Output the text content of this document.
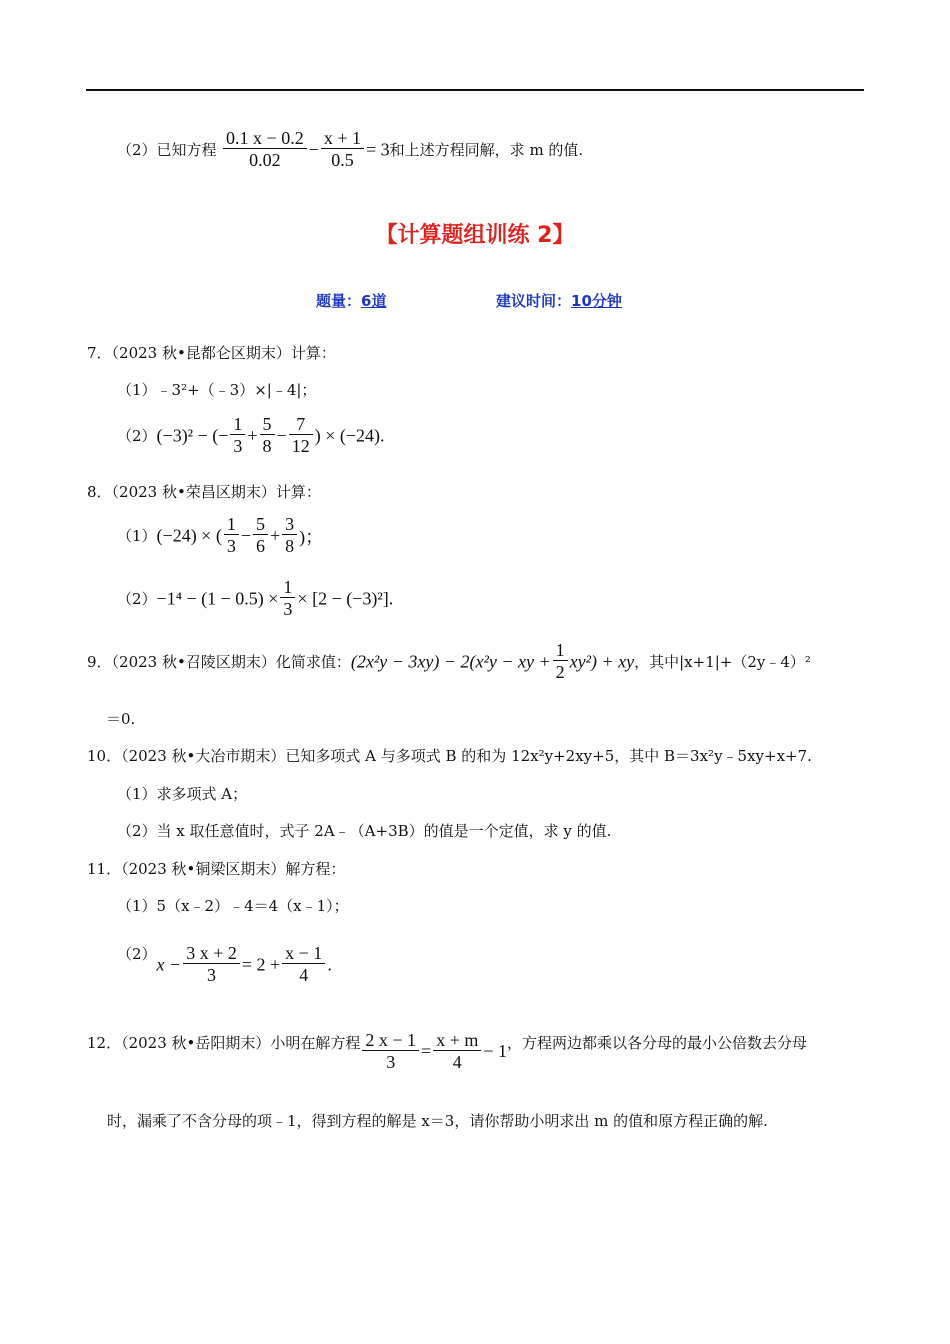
（2）已知方程 $\frac{0.1 x - 0.2}{0.02} - \frac{x + 1}{0.5} = 3$和上述方程同解，求 m 的值.
【计算题组训练 2】
题量：6道	建议时间：10分钟
7．（2023 秋•昆都仑区期末）计算：
（1）﹣3²+（﹣3）×|﹣4|；
（2）(−3)² − (− $\frac{1}{3} + \frac{5}{8} - \frac{7}{12}$ ) × (−24).
8．（2023 秋•荣昌区期末）计算：
（1）(−24) × ( $\frac{1}{3} - \frac{5}{6} + \frac{3}{8}$ )；
$(2)-1^4 - (1 - 0.5) \times \frac{1}{3} \times [2 - (-3)^2]$.
9．（2023 秋•召陵区期末）化简求值：(2x²y − 3xy) − 2(x²y − xy + $\frac{1}{2} xy^2$) + xy，其中|x+1|+（2y﹣4）²
＝0.
10．（2023 秋•大冶市期末）已知多项式 A 与多项式 B 的和为 12x²y+2xy+5，其中 B＝3x²y﹣5xy+x+7.
（1）求多项式 A；
（2）当 x 取任意值时，式子 2A﹣（A+3B）的值是一个定值，求 y 的值.
11．（2023 秋•铜梁区期末）解方程：
（1）5（x﹣2）﹣4＝4（x﹣1）；
$(2)x - \frac{3 x + 2}{3} = 2 + \frac{x - 1}{4}$ .
12．（2023 秋•岳阳期末）小明在解方程 $\frac{2 x - 1}{3} = \frac{x + m}{4} - 1$，方程两边都乘以各分母的最小公倍数去分母
时，漏乘了不含分母的项﹣1，得到方程的解是 x＝3，请你帮助小明求出 m 的值和原方程正确的解.
